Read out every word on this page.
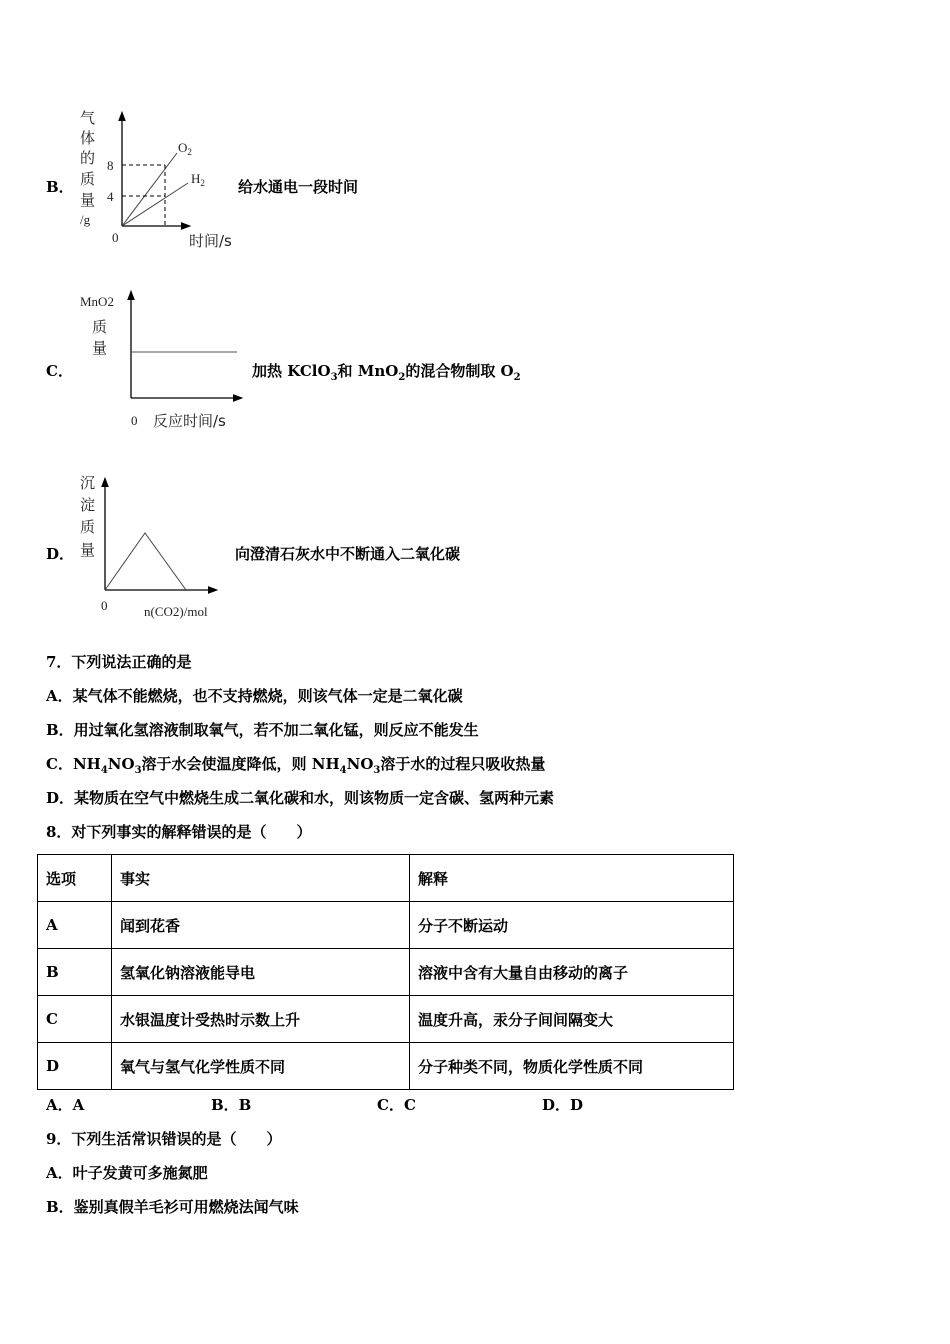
8
4
0
$O_2$
$H_2$
时间/s
气
体
的
质
量
/g
MnO2
质
量
0 反应时间/s
沉
淀
质
量
0	n(CO2)/mol
B．	给水通电一段时间
C．	加热 KClO$_3$和 MnO$_2$的混合物制取 $O_2$
D．	向澄清石灰水中不断通入二氧化碳
7．下列说法正确的是
A．某气体不能燃烧，也不支持燃烧，则该气体一定是二氧化碳
B．用过氧化氢溶液制取氧气，若不加二氧化锰，则反应不能发生
C．$NH_4NO_3$溶于水会使温度降低，则 $NH_4NO_3$溶于水的过程只吸收热量
D．某物质在空气中燃烧生成二氧化碳和水，则该物质一定含碳、氢两种元素
8．对下列事实的解释错误的是（　　）
选项	事实	解释
A	闻到花香	分子不断运动
B	氢氧化钠溶液能导电	溶液中含有大量自由移动的离子
C	水银温度计受热时示数上升	温度升高，汞分子间间隔变大
D	氧气与氢气化学性质不同	分子种类不同，物质化学性质不同
A．A	B．B	C．C	D．D
9．下列生活常识错误的是（　　）
A．叶子发黄可多施氮肥
B．鉴别真假羊毛衫可用燃烧法闻气味
